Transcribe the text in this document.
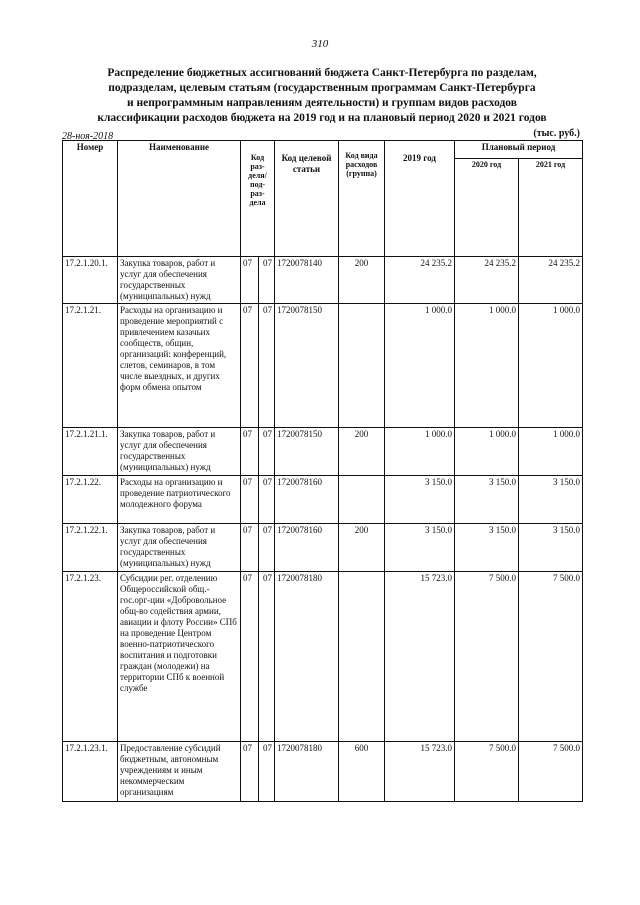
310
Распределение бюджетных ассигнований бюджета Санкт-Петербурга по разделам,
подразделам, целевым статьям (государственным программам Санкт-Петербурга
и непрограммным направлениям деятельности) и группам видов расходов
классификации расходов бюджета на 2019 год и на плановый период 2020 и 2021 годов
28-ноя-2018	(тыс. руб.)
Номер	Наименование	Код раз- деля/ под- раз- дела		Код целевой статьи	Код вида расходов (группа)	2019 год	Плановый период	
							2020 год	2021 год
17.2.1.20.1.	Закупка товаров, работ и услуг для обеспечения государственных (муниципальных) нужд	07	07	1720078140	200	24 235.2	24 235.2	24 235.2
17.2.1.21.	Расходы на организацию и проведение мероприятий с привлечением казачьих сообществ, общин, организаций: конференций, слетов, семинаров, в том числе выездных, и других форм обмена опытом	07	07	1720078150		1 000.0	1 000.0	1 000.0
17.2.1.21.1.	Закупка товаров, работ и услуг для обеспечения государственных (муниципальных) нужд	07	07	1720078150	200	1 000.0	1 000.0	1 000.0
17.2.1.22.	Расходы на организацию и проведение патриотического молодежного форума	07	07	1720078160		3 150.0	3 150.0	3 150.0
17.2.1.22.1.	Закупка товаров, работ и услуг для обеспечения государственных (муниципальных) нужд	07	07	1720078160	200	3 150.0	3 150.0	3 150.0
17.2.1.23.	Субсидии рег. отделению Общероссийской общ.-гос.орг-ции «Добровольное общ-во содействия армии, авиации и флоту России» СПб на проведение Центром военно-патриотического воспитания и подготовки граждан (молодежи) на территории СПб к военной службе	07	07	1720078180		15 723.0	7 500.0	7 500.0
17.2.1.23.1.	Предоставление субсидий бюджетным, автономным учреждениям и иным некоммерческим организациям	07	07	1720078180	600	15 723.0	7 500.0	7 500.0
